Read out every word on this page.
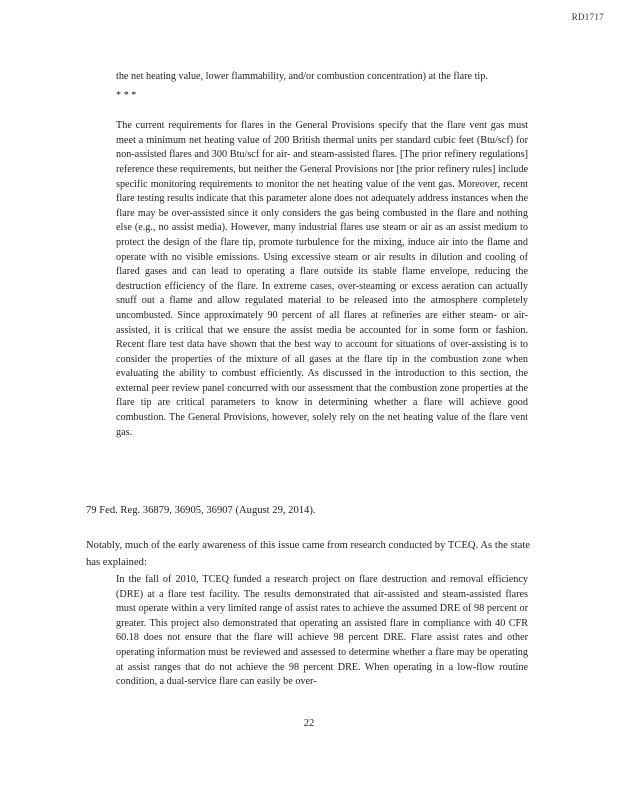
RD1717

the net heating value, lower flammability, and/or combustion concentration) at the flare tip.

* * *

The current requirements for flares in the General Provisions specify that the flare vent gas must meet a minimum net heating value of 200 British thermal units per standard cubic feet (Btu/scf) for non-assisted flares and 300 Btu/scf for air- and steam-assisted flares. [The prior refinery regulations] reference these requirements, but neither the General Provisions nor [the prior refinery rules] include specific monitoring requirements to monitor the net heating value of the vent gas. Moreover, recent flare testing results indicate that this parameter alone does not adequately address instances when the flare may be over-assisted since it only considers the gas being combusted in the flare and nothing else (e.g., no assist media). However, many industrial flares use steam or air as an assist medium to protect the design of the flare tip, promote turbulence for the mixing, induce air into the flame and operate with no visible emissions. Using excessive steam or air results in dilution and cooling of flared gases and can lead to operating a flare outside its stable flame envelope, reducing the destruction efficiency of the flare. In extreme cases, over-steaming or excess aeration can actually snuff out a flame and allow regulated material to be released into the atmosphere completely uncombusted. Since approximately 90 percent of all flares at refineries are either steam- or air-assisted, it is critical that we ensure the assist media be accounted for in some form or fashion. Recent flare test data have shown that the best way to account for situations of over-assisting is to consider the properties of the mixture of all gases at the flare tip in the combustion zone when evaluating the ability to combust efficiently. As discussed in the introduction to this section, the external peer review panel concurred with our assessment that the combustion zone properties at the flare tip are critical parameters to know in determining whether a flare will achieve good combustion. The General Provisions, however, solely rely on the net heating value of the flare vent gas.

79 Fed. Reg. 36879, 36905, 36907 (August 29, 2014).

Notably, much of the early awareness of this issue came from research conducted by TCEQ. As the state has explained:

In the fall of 2010, TCEQ funded a research project on flare destruction and removal efficiency (DRE) at a flare test facility. The results demonstrated that air-assisted and steam-assisted flares must operate within a very limited range of assist rates to achieve the assumed DRE of 98 percent or greater. This project also demonstrated that operating an assisted flare in compliance with 40 CFR 60.18 does not ensure that the flare will achieve 98 percent DRE. Flare assist rates and other operating information must be reviewed and assessed to determine whether a flare may be operating at assist ranges that do not achieve the 98 percent DRE. When operating in a low-flow routine condition, a dual-service flare can easily be over-

22
